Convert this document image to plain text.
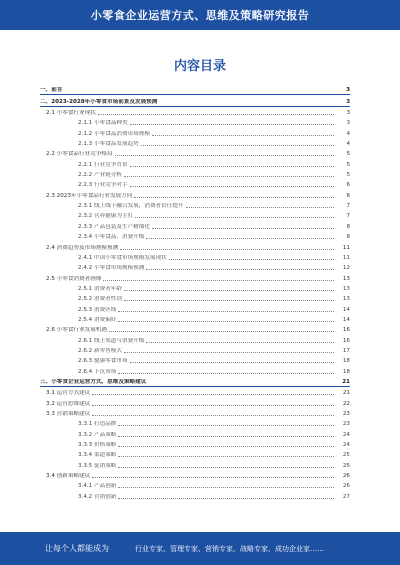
小零食企业运营方式、思维及策略研究报告
内容目录
一、前言	3
二、2023-2028年小零食市场前景及发展预测	3
2.1 小零食行业现状	3
2.1.1 小零食品种类	3
2.1.2 小零食品消费市场规模	4
2.1.3 小零食品发展趋势	4
2.2 小零食品行业竞争格局	5
2.2.1 行业竞争背景	5
2.2.2 产业链分析	5
2.2.3 行业竞争对手	6
2.3 2023年小零食品行业发展方向	6
2.3.1 线上线下融合发展，消费者信任提升	7
2.3.2 营养健康为主打	7
2.3.3 产品包装及生产精细化	8
2.3.4 小零食品，消费升级	8
2.4 消费趋势及市场规模预测	11
2.4.1 中国小零食市场规模发展现状	11
2.4.2 小零食市场规模预测	12
2.5 小零食消费者画像	13
2.5.1 消费者年龄	13
2.5.2 消费者性别	13
2.5.3 消费区域	14
2.5.4 消费偏好	14
2.6 小零食行业发展机遇	16
2.6.1 线上渠道与消费升级	16
2.6.2 新零售模式	17
2.6.3 健康零食市场	18
2.6.4 下沉市场	18
三、小零食企业运营方式、思维及策略建议	21
3.1 运营方式建议	21
3.2 运营思维建议	22
3.3 营销策略建议	23
3.3.1 打造品牌	23
3.3.2 产品策略	24
3.3.3 价格策略	24
3.3.4 渠道策略	25
3.3.5 促销策略	25
3.4 创新策略建议	26
3.4.1 产品创新	26
3.4.2 营销创新	27
让每个人都能成为	行业专家、管理专家、营销专家、战略专家、成功企业家……
